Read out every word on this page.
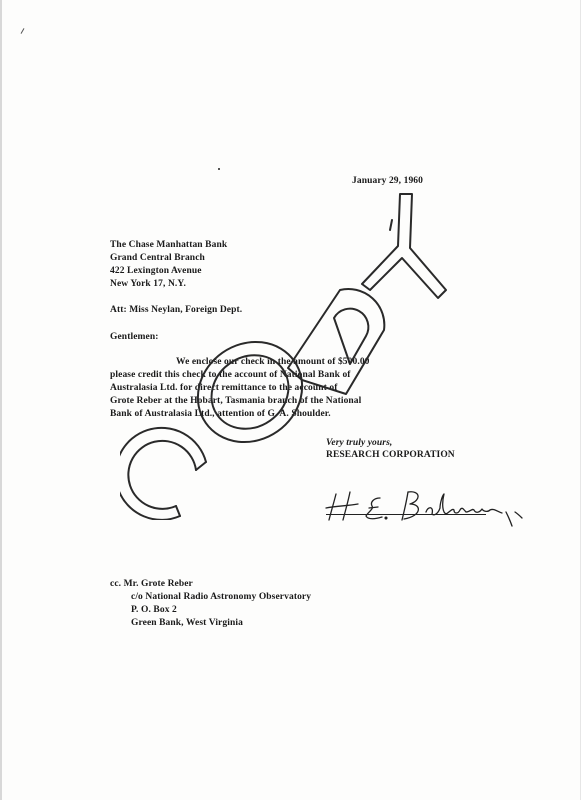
January 29, 1960
The Chase Manhattan Bank
Grand Central Branch
422 Lexington Avenue
New York 17, N.Y.
Att: Miss Neylan, Foreign Dept.
Gentlemen:
We enclose our check in the amount of $500.00
please credit this check to the account of National Bank of
Australasia Ltd. for direct remittance to the account of
Grote Reber at the Hobart, Tasmania branch of the National
Bank of Australasia Ltd., attention of G. A. Shoulder.
Very truly yours,
RESEARCH CORPORATION
cc. Mr. Grote Reber
c/o National Radio Astronomy Observatory
P. O. Box 2
Green Bank, West Virginia
